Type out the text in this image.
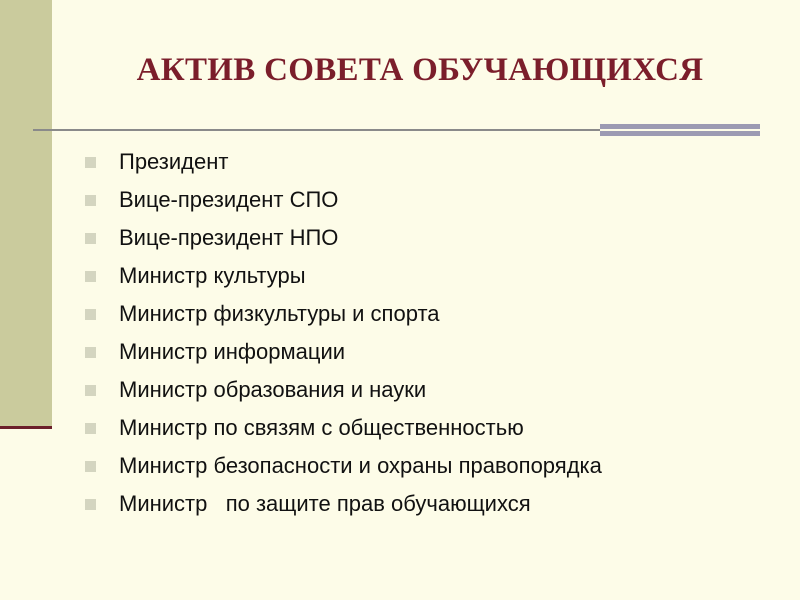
АКТИВ СОВЕТА ОБУЧАЮЩИХСЯ
Президент
Вице-президент СПО
Вице-президент НПО
Министр культуры
Министр физкультуры и спорта
Министр информации
Министр образования и науки
Министр по связям с общественностью
Министр безопасности и охраны правопорядка
Министр   по защите прав обучающихся
